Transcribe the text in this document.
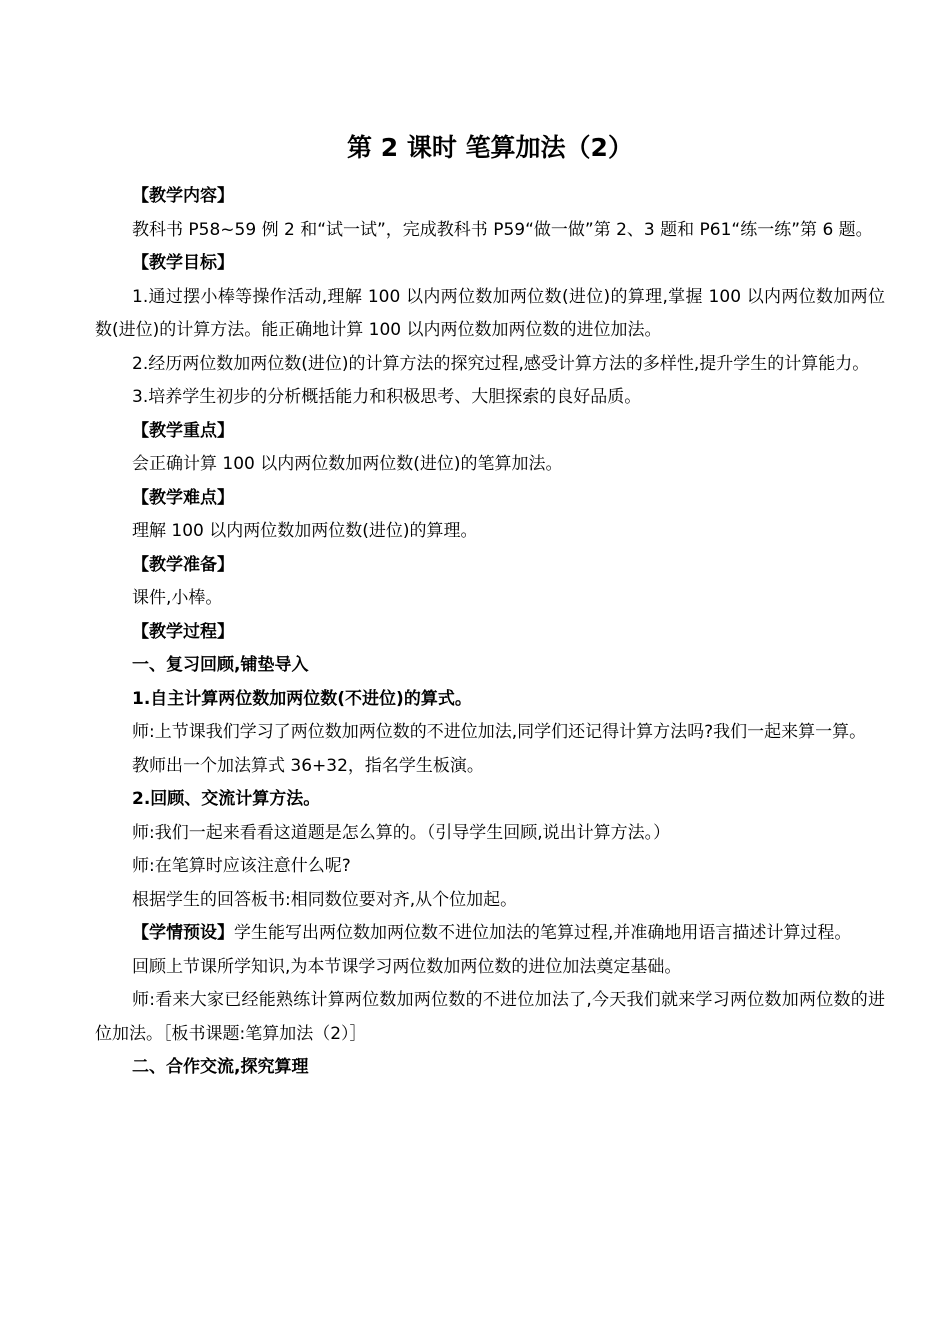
第 2 课时 笔算加法（2）

【教学内容】

教科书 P58~59 例 2 和“试一试”，完成教科书 P59“做一做”第 2、3 题和 P61“练一练”第 6 题。

【教学目标】

1.通过摆小棒等操作活动,理解 100 以内两位数加两位数(进位)的算理,掌握 100 以内两位数加两位数(进位)的计算方法。能正确地计算 100 以内两位数加两位数的进位加法。

2.经历两位数加两位数(进位)的计算方法的探究过程,感受计算方法的多样性,提升学生的计算能力。

3.培养学生初步的分析概括能力和积极思考、大胆探索的良好品质。

【教学重点】

会正确计算 100 以内两位数加两位数(进位)的笔算加法。

【教学难点】

理解 100 以内两位数加两位数(进位)的算理。

【教学准备】

课件,小棒。

【教学过程】

一、复习回顾,铺垫导入

1.自主计算两位数加两位数(不进位)的算式。

师:上节课我们学习了两位数加两位数的不进位加法,同学们还记得计算方法吗?我们一起来算一算。

教师出一个加法算式 36+32，指名学生板演。

2.回顾、交流计算方法。

师:我们一起来看看这道题是怎么算的。（引导学生回顾,说出计算方法。）

师:在笔算时应该注意什么呢?

根据学生的回答板书:相同数位要对齐,从个位加起。

【学情预设】学生能写出两位数加两位数不进位加法的笔算过程,并准确地用语言描述计算过程。

回顾上节课所学知识,为本节课学习两位数加两位数的进位加法奠定基础。

师:看来大家已经能熟练计算两位数加两位数的不进位加法了,今天我们就来学习两位数加两位数的进位加法。［板书课题:笔算加法（2）］

二、合作交流,探究算理
